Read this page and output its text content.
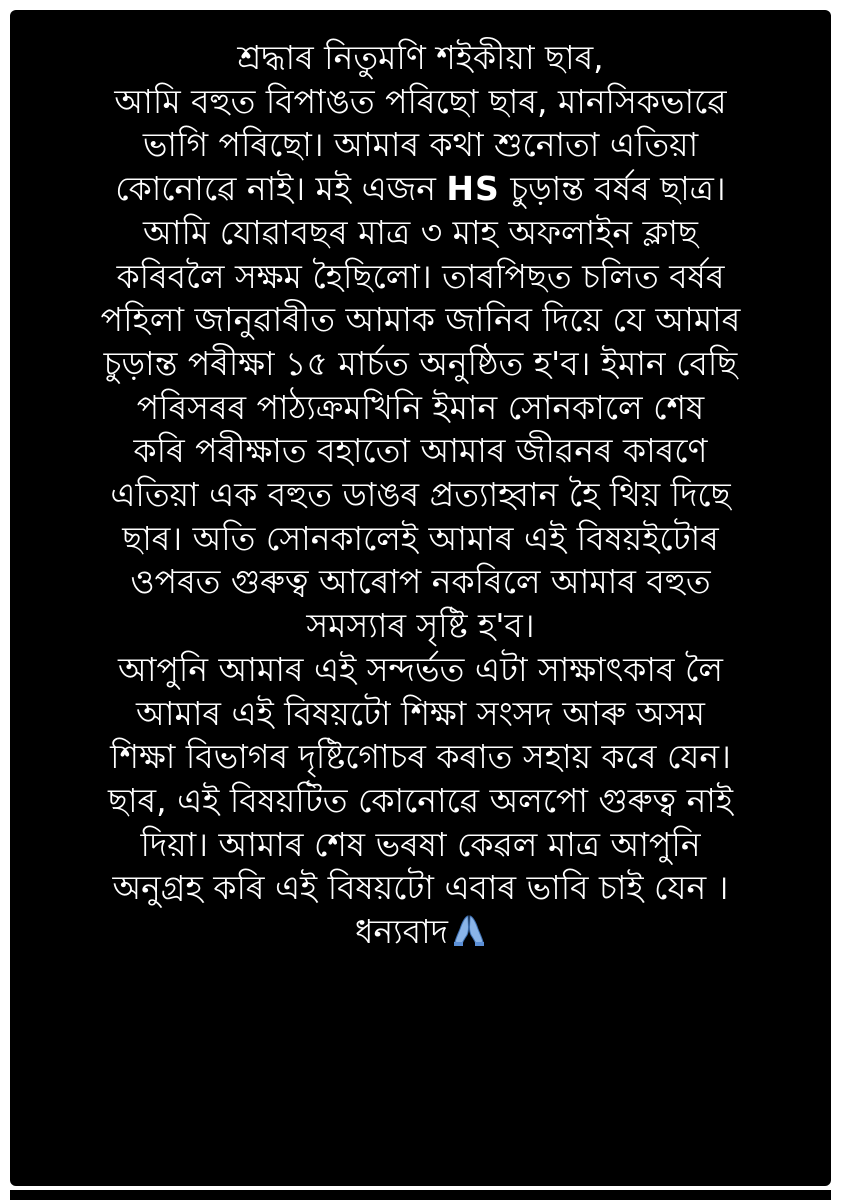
শ্ৰদ্ধাৰ নিতুমণি শইকীয়া ছাৰ,

আমি বহুত বিপাঙত পৰিছো ছাৰ, মানসিকভাৱে

ভাগি পৰিছো। আমাৰ কথা শুনোতা এতিয়া

কোনোৱে নাই। মই এজন HS চুড়ান্ত বৰ্ষৰ ছাত্ৰ।

আমি যোৱাবছৰ মাত্ৰ ৩ মাহ অফলাইন ক্লাছ

কৰিবলৈ সক্ষম হৈছিলো। তাৰপিছত চলিত বৰ্ষৰ

পহিলা জানুৱাৰীত আমাক জানিব দিয়ে যে আমাৰ

চুড়ান্ত পৰীক্ষা ১৫ মাৰ্চত অনুষ্ঠিত হ'ব। ইমান বেছি

পৰিসৰৰ পাঠ্যক্ৰমখিনি ইমান সোনকালে শেষ

কৰি পৰীক্ষাত বহাতো আমাৰ জীৱনৰ কাৰণে

এতিয়া এক বহুত ডাঙৰ প্ৰত্যাহ্বান হৈ থিয় দিছে

ছাৰ। অতি সোনকালেই আমাৰ এই বিষয়ইটোৰ

ওপৰত গুৰুত্ব আৰোপ নকৰিলে আমাৰ বহুত

সমস্যাৰ সৃষ্টি হ'ব।

আপুনি আমাৰ এই সন্দৰ্ভত এটা সাক্ষাৎকাৰ লৈ

আমাৰ এই বিষয়টো শিক্ষা সংসদ আৰু অসম

শিক্ষা বিভাগৰ দৃষ্টিগোচৰ কৰাত সহায় কৰে যেন।

ছাৰ, এই বিষয়টিত কোনোৱে অলপো গুৰুত্ব নাই

দিয়া। আমাৰ শেষ ভৰষা কেৱল মাত্ৰ আপুনি

অনুগ্ৰহ কৰি এই বিষয়টো এবাৰ ভাবি চাই যেন ।

ধন্যবাদ
